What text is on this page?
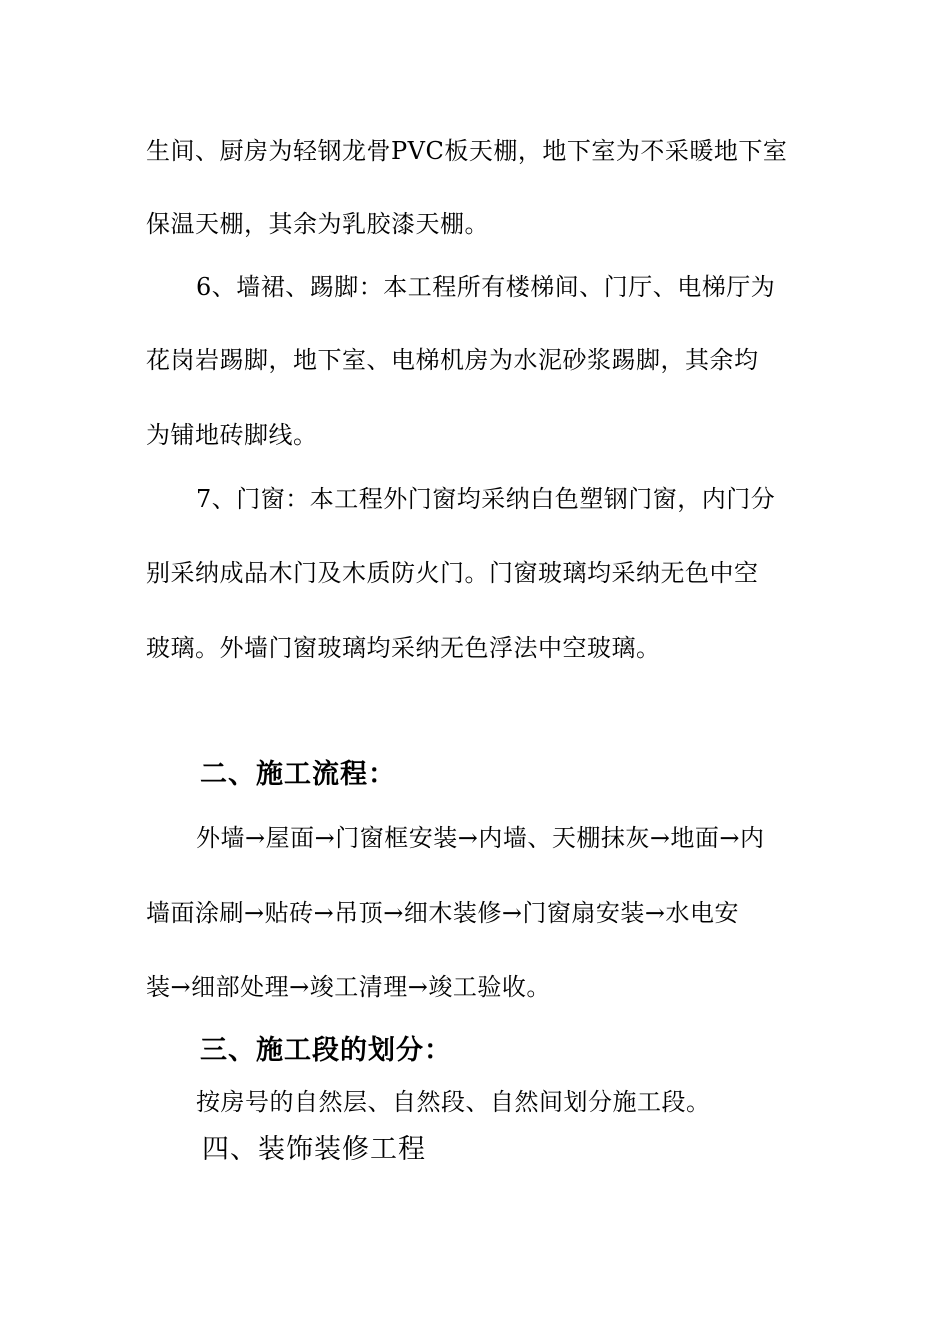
生间、厨房为轻钢龙骨PVC板天棚，地下室为不采暖地下室
保温天棚，其余为乳胶漆天棚。
6、墙裙、踢脚：本工程所有楼梯间、门厅、电梯厅为
花岗岩踢脚，地下室、电梯机房为水泥砂浆踢脚，其余均
为铺地砖脚线。
7、门窗：本工程外门窗均采纳白色塑钢门窗，内门分
别采纳成品木门及木质防火门。门窗玻璃均采纳无色中空
玻璃。外墙门窗玻璃均采纳无色浮法中空玻璃。
二、施工流程：
外墙→屋面→门窗框安装→内墙、天棚抹灰→地面→内
墙面涂刷→贴砖→吊顶→细木装修→门窗扇安装→水电安
装→细部处理→竣工清理→竣工验收。
三、施工段的划分：
按房号的自然层、自然段、自然间划分施工段。
四、装饰装修工程
